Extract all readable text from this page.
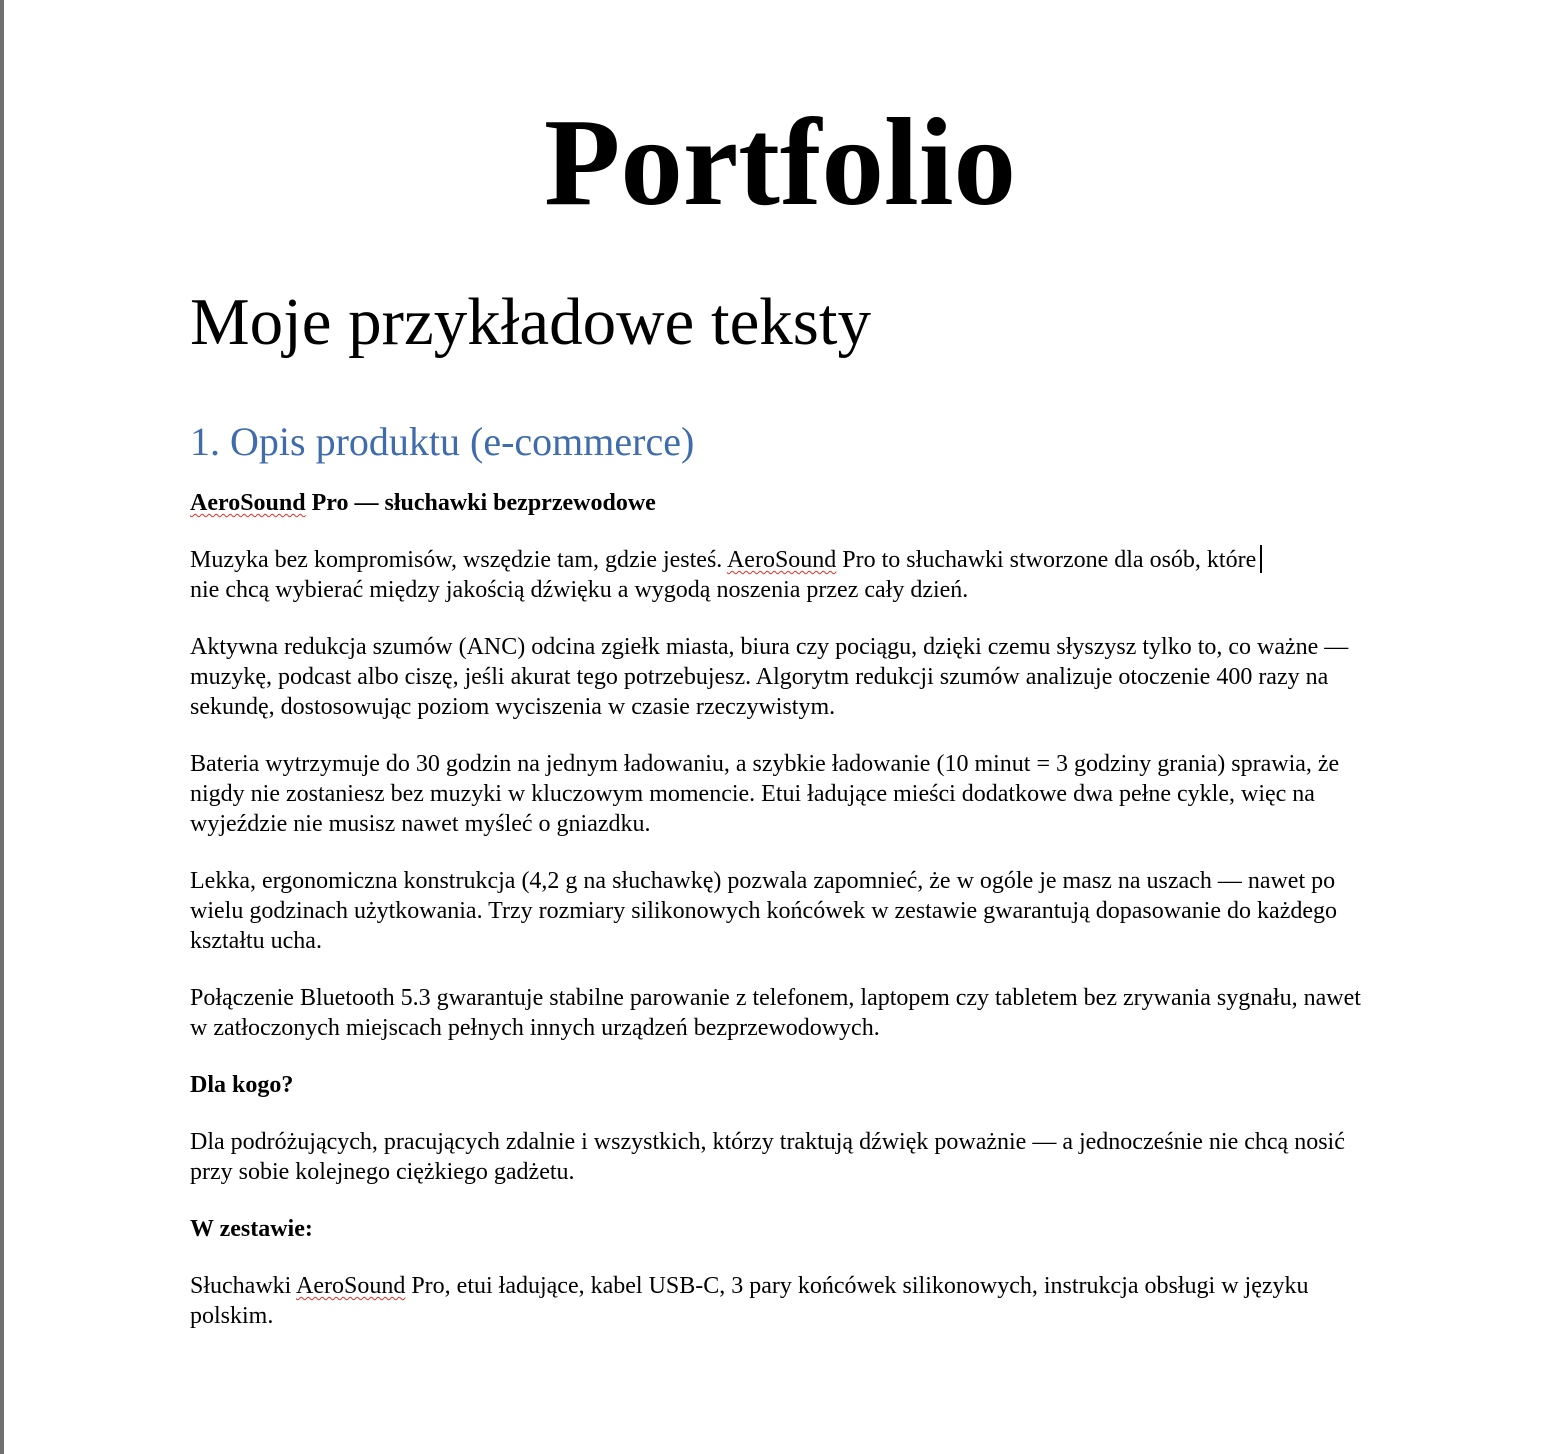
Portfolio
Moje przykładowe teksty
1. Opis produktu (e-commerce)

AeroSound Pro — słuchawki bezprzewodowe

Muzyka bez kompromisów, wszędzie tam, gdzie jesteś. AeroSound Pro to słuchawki stworzone dla osób, które
nie chcą wybierać między jakością dźwięku a wygodą noszenia przez cały dzień.

Aktywna redukcja szumów (ANC) odcina zgiełk miasta, biura czy pociągu, dzięki czemu słyszysz tylko to, co ważne — muzykę, podcast albo ciszę, jeśli akurat tego potrzebujesz. Algorytm redukcji szumów analizuje otoczenie 400 razy na sekundę, dostosowując poziom wyciszenia w czasie rzeczywistym.

Bateria wytrzymuje do 30 godzin na jednym ładowaniu, a szybkie ładowanie (10 minut = 3 godziny grania) sprawia, że nigdy nie zostaniesz bez muzyki w kluczowym momencie. Etui ładujące mieści dodatkowe dwa pełne cykle, więc na wyjeździe nie musisz nawet myśleć o gniazdku.

Lekka, ergonomiczna konstrukcja (4,2 g na słuchawkę) pozwala zapomnieć, że w ogóle je masz na uszach — nawet po wielu godzinach użytkowania. Trzy rozmiary silikonowych końcówek w zestawie gwarantują dopasowanie do każdego kształtu ucha.

Połączenie Bluetooth 5.3 gwarantuje stabilne parowanie z telefonem, laptopem czy tabletem bez zrywania sygnału, nawet w zatłoczonych miejscach pełnych innych urządzeń bezprzewodowych.

Dla kogo?

Dla podróżujących, pracujących zdalnie i wszystkich, którzy traktują dźwięk poważnie — a jednocześnie nie chcą nosić przy sobie kolejnego ciężkiego gadżetu.

W zestawie:

Słuchawki AeroSound Pro, etui ładujące, kabel USB-C, 3 pary końcówek silikonowych, instrukcja obsługi w języku polskim.
